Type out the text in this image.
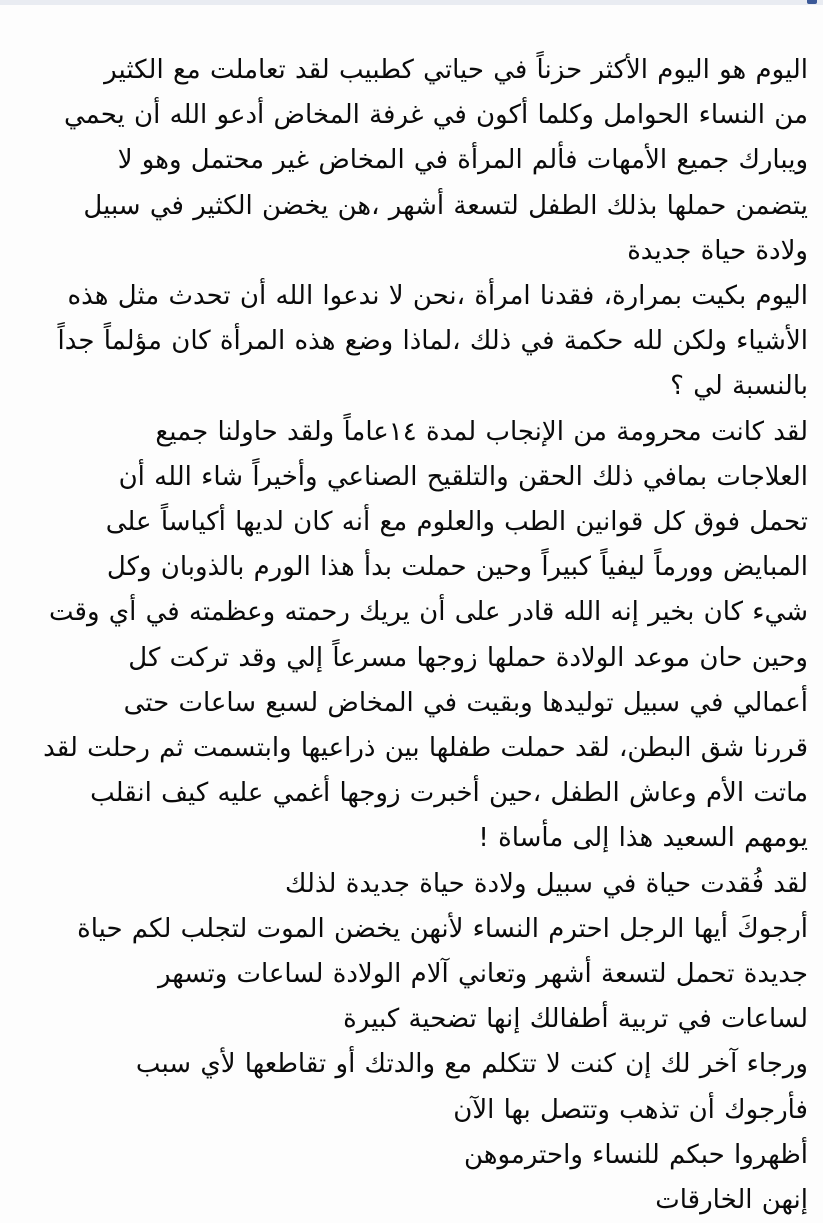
اليوم هو اليوم الأكثر حزناً في حياتي كطبيب لقد تعاملت مع الكثير
من النساء الحوامل وكلما أكون في غرفة المخاض أدعو الله أن يحمي
ويبارك جميع الأمهات فألم المرأة في المخاض غير محتمل وهو لا
يتضمن حملها بذلك الطفل لتسعة أشهر ،هن يخضن الكثير في سبيل
ولادة حياة جديدة

اليوم بكيت بمرارة، فقدنا امرأة ،نحن لا ندعوا الله أن تحدث مثل هذه
الأشياء ولكن لله حكمة في ذلك ،لماذا وضع هذه المرأة كان مؤلماً جداً
بالنسبة لي ؟

لقد كانت محرومة من الإنجاب لمدة ١٤عاماً ولقد حاولنا جميع
العلاجات بمافي ذلك الحقن والتلقيح الصناعي وأخيراً شاء الله أن
تحمل فوق كل قوانين الطب والعلوم مع أنه كان لديها أكياساً على
المبايض وورماً ليفياً كبيراً وحين حملت بدأ هذا الورم بالذوبان وكل
شيء كان بخير إنه الله قادر على أن يريك رحمته وعظمته في أي وقت
وحين حان موعد الولادة حملها زوجها مسرعاً إلي وقد تركت كل
أعمالي في سبيل توليدها وبقيت في المخاض لسبع ساعات حتى
قررنا شق البطن، لقد حملت طفلها بين ذراعيها وابتسمت ثم رحلت لقد
ماتت الأم وعاش الطفل ،حين أخبرت زوجها أغمي عليه كيف انقلب
يومهم السعيد هذا إلى مأساة !

لقد فُقدت حياة في سبيل ولادة حياة جديدة لذلك

أرجوكَ أيها الرجل احترم النساء لأنهن يخضن الموت لتجلب لكم حياة
جديدة تحمل لتسعة أشهر وتعاني آلام الولادة لساعات وتسهر
لساعات في تربية أطفالك إنها تضحية كبيرة

ورجاء آخر لك إن كنت لا تتكلم مع والدتك أو تقاطعها لأي سبب
فأرجوك أن تذهب وتتصل بها الآن

أظهروا حبكم للنساء واحترموهن

إنهن الخارقات
